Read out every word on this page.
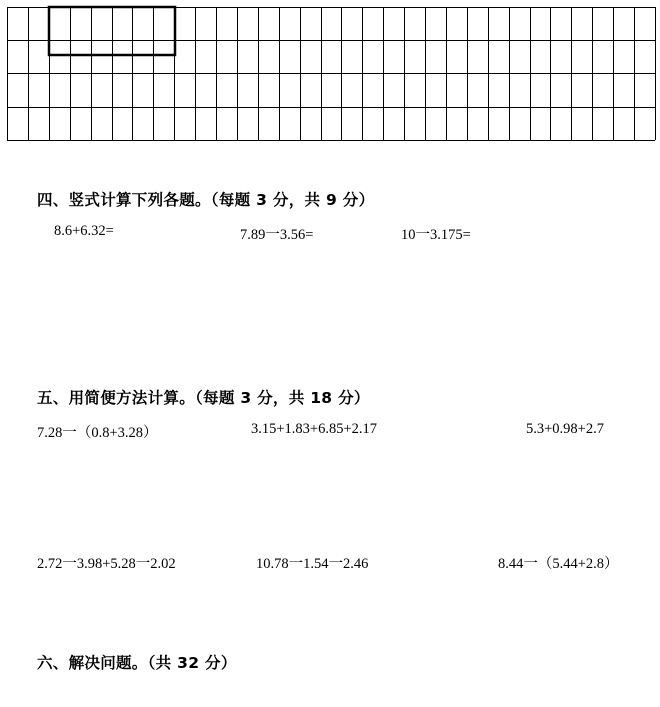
四、竖式计算下列各题。（每题 3 分，共 9 分）
8.6+6.32=	7.89一3.56=	10一3.175=
五、用简便方法计算。（每题 3 分，共 18 分）
7.28一（0.8+3.28）	3.15+1.83+6.85+2.17	5.3+0.98+2.7
2.72一3.98+5.28一2.02	10.78一1.54一2.46	8.44一（5.44+2.8）
六、解决问题。（共 32 分）
